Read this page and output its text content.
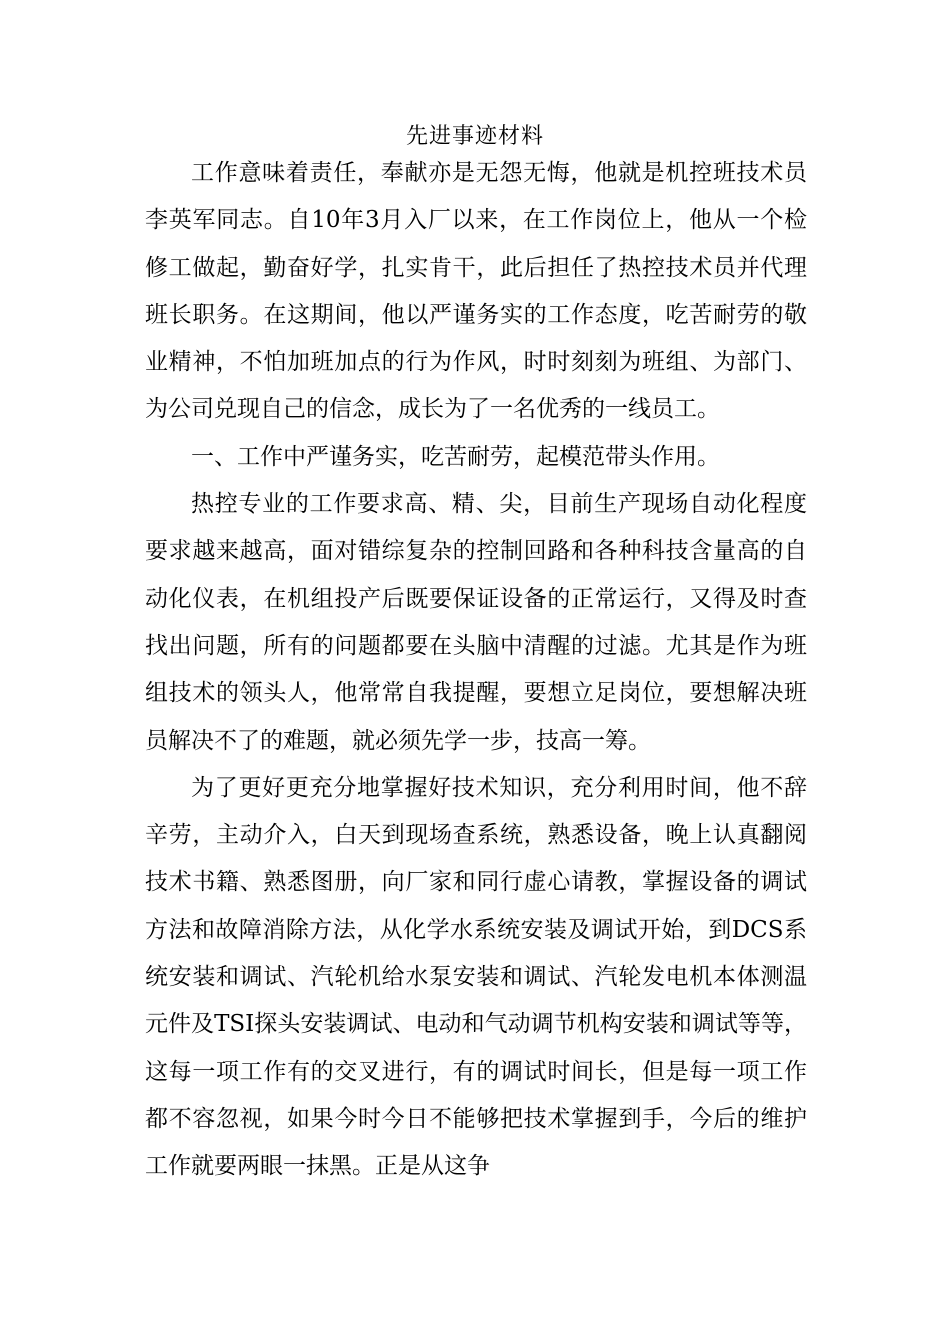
先进事迹材料

工作意味着责任，奉献亦是无怨无悔，他就是机控班技术员李英军同志。自10年3月入厂以来，在工作岗位上，他从一个检修工做起，勤奋好学，扎实肯干，此后担任了热控技术员并代理班长职务。在这期间，他以严谨务实的工作态度，吃苦耐劳的敬业精神，不怕加班加点的行为作风，时时刻刻为班组、为部门、为公司兑现自己的信念，成长为了一名优秀的一线员工。

一、工作中严谨务实，吃苦耐劳，起模范带头作用。

热控专业的工作要求高、精、尖，目前生产现场自动化程度要求越来越高，面对错综复杂的控制回路和各种科技含量高的自动化仪表，在机组投产后既要保证设备的正常运行，又得及时查找出问题，所有的问题都要在头脑中清醒的过滤。尤其是作为班组技术的领头人，他常常自我提醒，要想立足岗位，要想解决班员解决不了的难题，就必须先学一步，技高一筹。

为了更好更充分地掌握好技术知识，充分利用时间，他不辞辛劳，主动介入，白天到现场查系统，熟悉设备，晚上认真翻阅技术书籍、熟悉图册，向厂家和同行虚心请教，掌握设备的调试方法和故障消除方法，从化学水系统安装及调试开始，到DCS系统安装和调试、汽轮机给水泵安装和调试、汽轮发电机本体测温元件及TSI探头安装调试、电动和气动调节机构安装和调试等等，这每一项工作有的交叉进行，有的调试时间长，但是每一项工作都不容忽视，如果今时今日不能够把技术掌握到手，今后的维护工作就要两眼一抹黑。正是从这争
